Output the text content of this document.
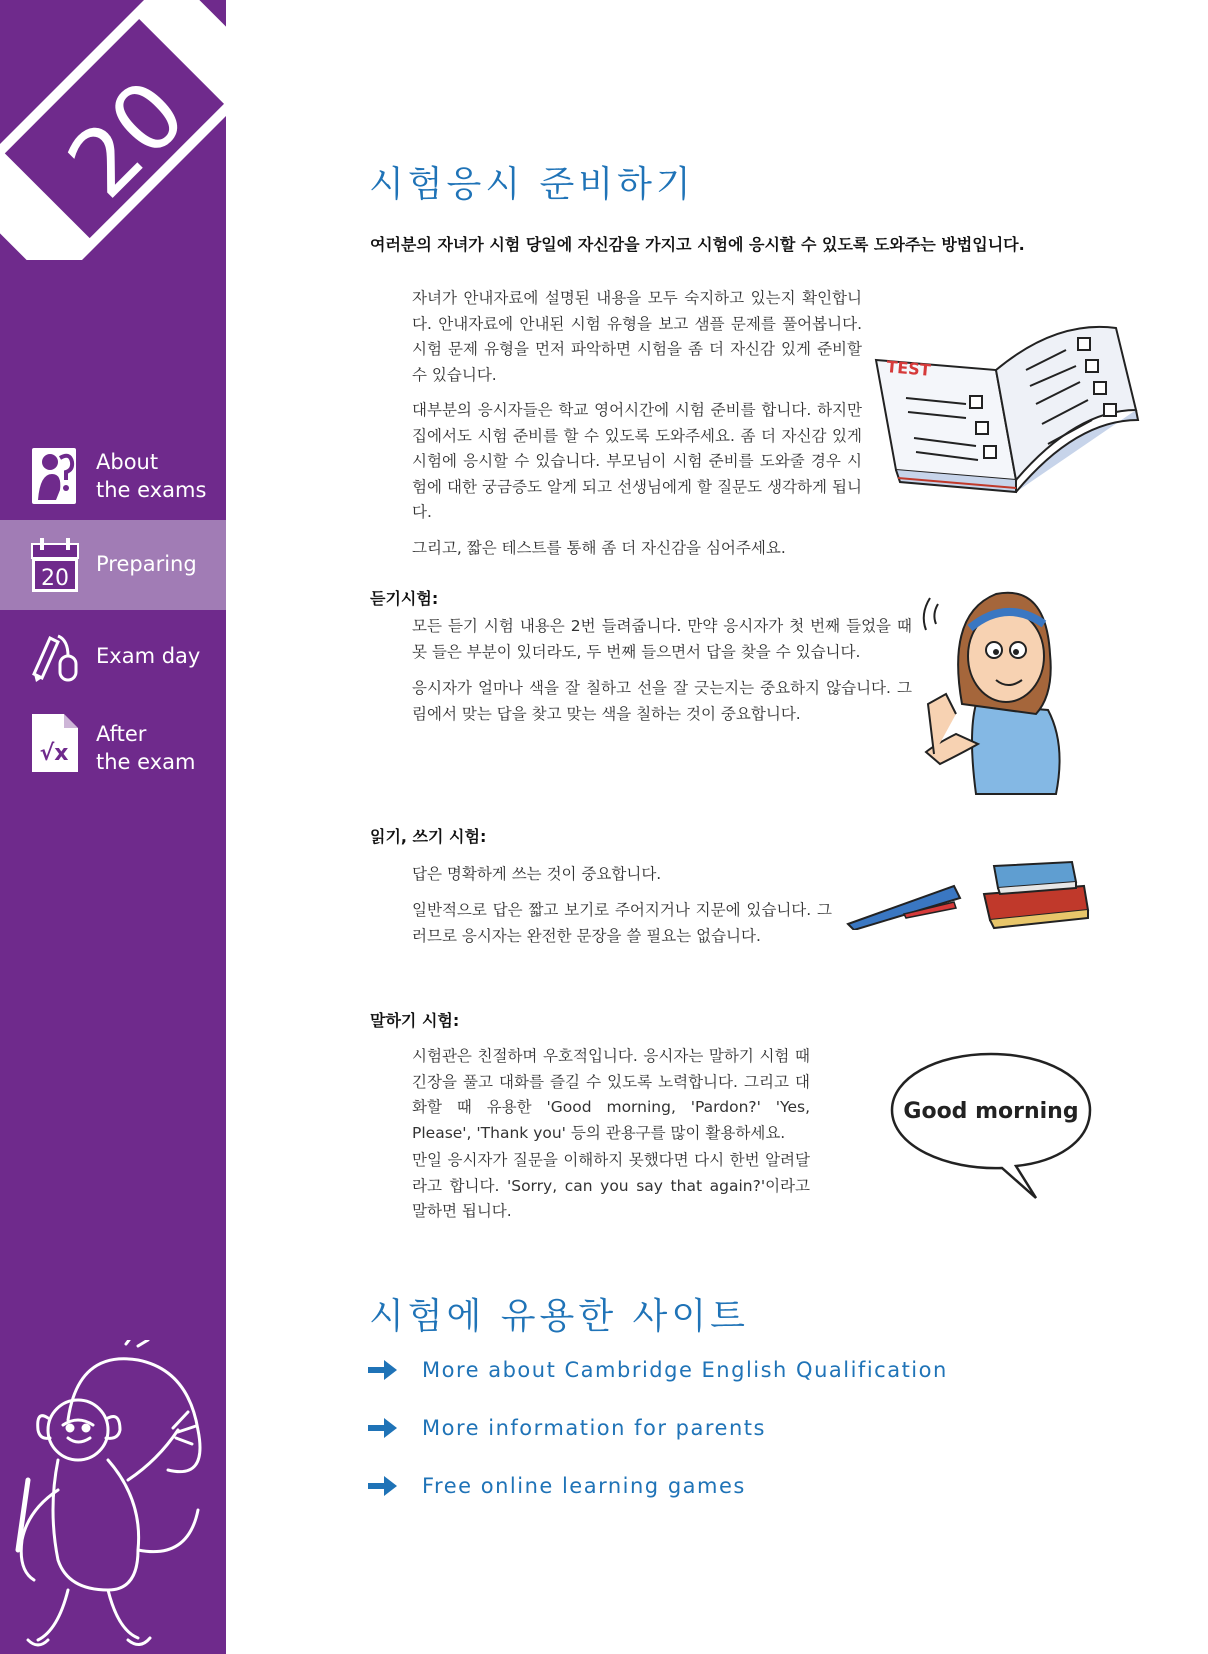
20
About
the exams
20
Preparing
Exam day
√x
After
the exam
시험응시 준비하기

여러분의 자녀가 시험 당일에 자신감을 가지고 시험에 응시할 수 있도록 도와주는 방법입니다.

자녀가 안내자료에 설명된 내용을 모두 숙지하고 있는지 확인합니다. 안내자료에 안내된 시험 유형을 보고 샘플 문제를 풀어봅니다. 시험 문제 유형을 먼저 파악하면 시험을 좀 더 자신감 있게 준비할 수 있습니다.

대부분의 응시자들은 학교 영어시간에 시험 준비를 합니다. 하지만 집에서도 시험 준비를 할 수 있도록 도와주세요. 좀 더 자신감 있게 시험에 응시할 수 있습니다. 부모님이 시험 준비를 도와줄 경우 시험에 대한 궁금증도 알게 되고 선생님에게 할 질문도 생각하게 됩니다.

그리고, 짧은 테스트를 통해 좀 더 자신감을 심어주세요.

TEST
듣기시험:

모든 듣기 시험 내용은 2번 들려줍니다. 만약 응시자가 첫 번째 들었을 때 못 들은 부분이 있더라도, 두 번째 들으면서 답을 찾을 수 있습니다.

응시자가 얼마나 색을 잘 칠하고 선을 잘 긋는지는 중요하지 않습니다. 그림에서 맞는 답을 찾고 맞는 색을 칠하는 것이 중요합니다.

읽기, 쓰기 시험:

답은 명확하게 쓰는 것이 중요합니다.

일반적으로 답은 짧고 보기로 주어지거나 지문에 있습니다. 그러므로 응시자는 완전한 문장을 쓸 필요는 없습니다.

말하기 시험:

시험관은 친절하며 우호적입니다. 응시자는 말하기 시험 때 긴장을 풀고 대화를 즐길 수 있도록 노력합니다. 그리고 대화할 때 유용한 'Good morning, 'Pardon?' 'Yes, Please', 'Thank you' 등의 관용구를 많이 활용하세요.

만일 응시자가 질문을 이해하지 못했다면 다시 한번 알려달라고 합니다. 'Sorry, can you say that again?'이라고 말하면 됩니다.

Good morning
시험에 유용한 사이트
More about Cambridge English Qualification
More information for parents
Free online learning games
